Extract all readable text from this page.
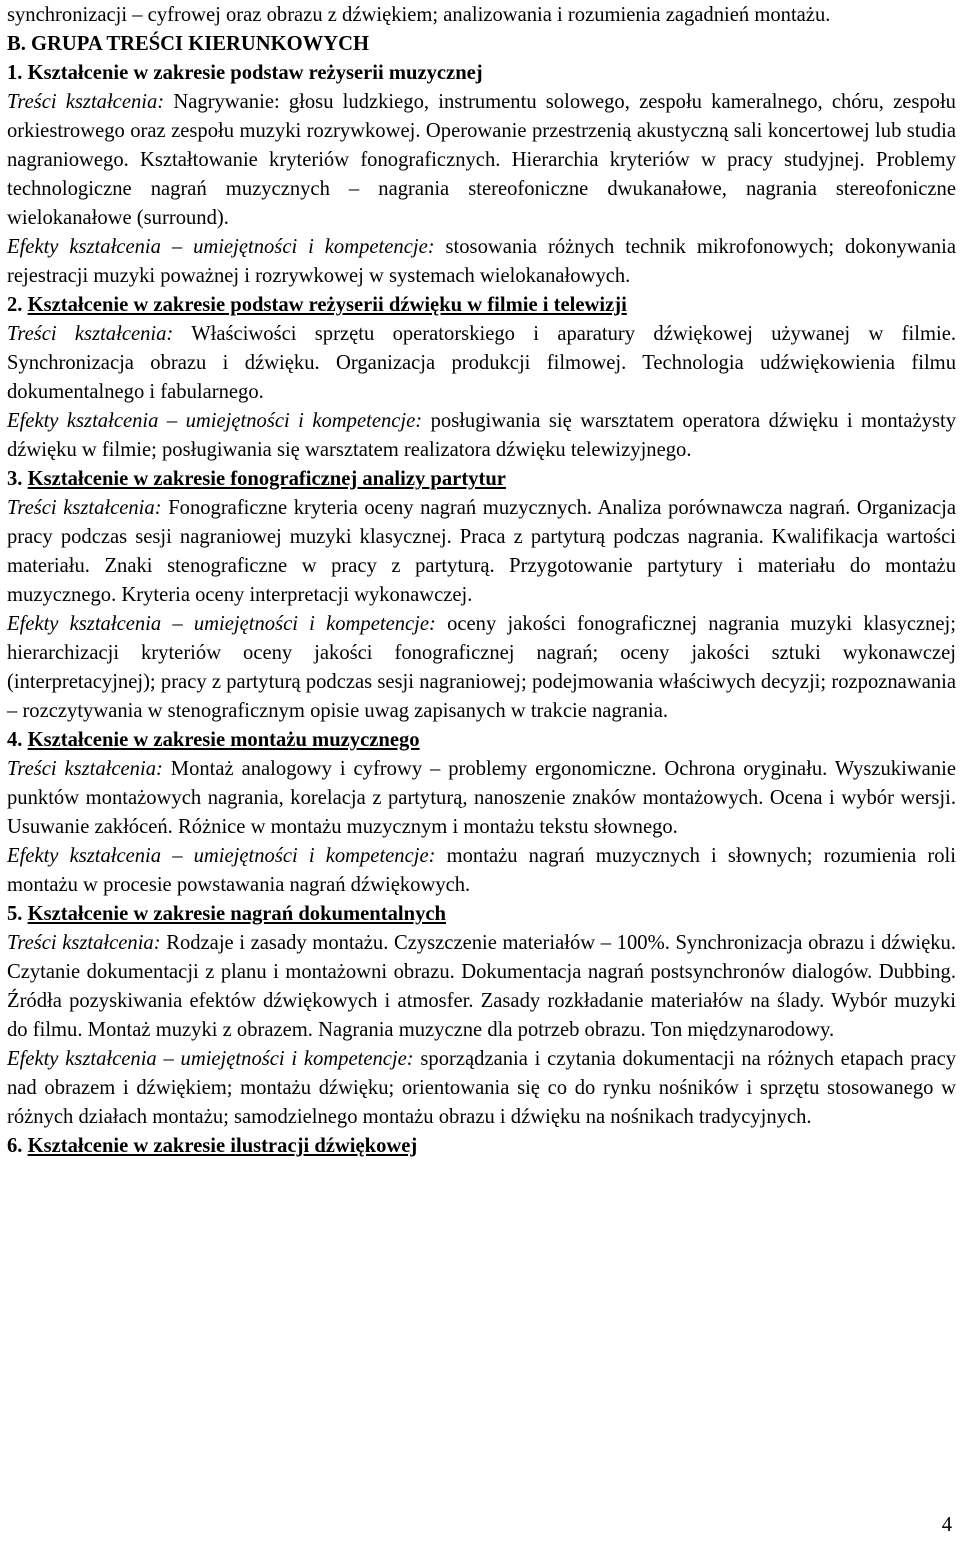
synchronizacji – cyfrowej oraz obrazu z dźwiękiem; analizowania i rozumienia zagadnień montażu.

B. GRUPA TREŚCI KIERUNKOWYCH

1. Kształcenie w zakresie podstaw reżyserii muzycznej

Treści kształcenia: Nagrywanie: głosu ludzkiego, instrumentu solowego, zespołu kameralnego, chóru, zespołu orkiestrowego oraz zespołu muzyki rozrywkowej. Operowanie przestrzenią akustyczną sali koncertowej lub studia nagraniowego. Kształtowanie kryteriów fonograficznych. Hierarchia kryteriów w pracy studyjnej. Problemy technologiczne nagrań muzycznych – nagrania stereofoniczne dwukanałowe, nagrania stereofoniczne wielokanałowe (surround).

Efekty kształcenia – umiejętności i kompetencje: stosowania różnych technik mikrofonowych; dokonywania rejestracji muzyki poważnej i rozrywkowej w systemach wielokanałowych.

2. Kształcenie w zakresie podstaw reżyserii dźwięku w filmie i telewizji

Treści kształcenia: Właściwości sprzętu operatorskiego i aparatury dźwiękowej używanej w filmie. Synchronizacja obrazu i dźwięku. Organizacja produkcji filmowej. Technologia udźwiękowienia filmu dokumentalnego i fabularnego.

Efekty kształcenia – umiejętności i kompetencje: posługiwania się warsztatem operatora dźwięku i montażysty dźwięku w filmie; posługiwania się warsztatem realizatora dźwięku telewizyjnego.

3. Kształcenie w zakresie fonograficznej analizy partytur

Treści kształcenia: Fonograficzne kryteria oceny nagrań muzycznych. Analiza porównawcza nagrań. Organizacja pracy podczas sesji nagraniowej muzyki klasycznej. Praca z partyturą podczas nagrania. Kwalifikacja wartości materiału. Znaki stenograficzne w pracy z partyturą. Przygotowanie partytury i materiału do montażu muzycznego. Kryteria oceny interpretacji wykonawczej.

Efekty kształcenia – umiejętności i kompetencje: oceny jakości fonograficznej nagrania muzyki klasycznej; hierarchizacji kryteriów oceny jakości fonograficznej nagrań; oceny jakości sztuki wykonawczej (interpretacyjnej); pracy z partyturą podczas sesji nagraniowej; podejmowania właściwych decyzji; rozpoznawania – rozczytywania w stenograficznym opisie uwag zapisanych w trakcie nagrania.

4. Kształcenie w zakresie montażu muzycznego

Treści kształcenia: Montaż analogowy i cyfrowy – problemy ergonomiczne. Ochrona oryginału. Wyszukiwanie punktów montażowych nagrania, korelacja z partyturą, nanoszenie znaków montażowych. Ocena i wybór wersji. Usuwanie zakłóceń. Różnice w montażu muzycznym i montażu tekstu słownego.

Efekty kształcenia – umiejętności i kompetencje: montażu nagrań muzycznych i słownych; rozumienia roli montażu w procesie powstawania nagrań dźwiękowych.

5. Kształcenie w zakresie nagrań dokumentalnych

Treści kształcenia: Rodzaje i zasady montażu. Czyszczenie materiałów – 100%. Synchronizacja obrazu i dźwięku. Czytanie dokumentacji z planu i montażowni obrazu. Dokumentacja nagrań postsynchronów dialogów. Dubbing. Źródła pozyskiwania efektów dźwiękowych i atmosfer. Zasady rozkładanie materiałów na ślady. Wybór muzyki do filmu. Montaż muzyki z obrazem. Nagrania muzyczne dla potrzeb obrazu. Ton międzynarodowy.

Efekty kształcenia – umiejętności i kompetencje: sporządzania i czytania dokumentacji na różnych etapach pracy nad obrazem i dźwiękiem; montażu dźwięku; orientowania się co do rynku nośników i sprzętu stosowanego w różnych działach montażu; samodzielnego montażu obrazu i dźwięku na nośnikach tradycyjnych.

6. Kształcenie w zakresie ilustracji dźwiękowej

4
